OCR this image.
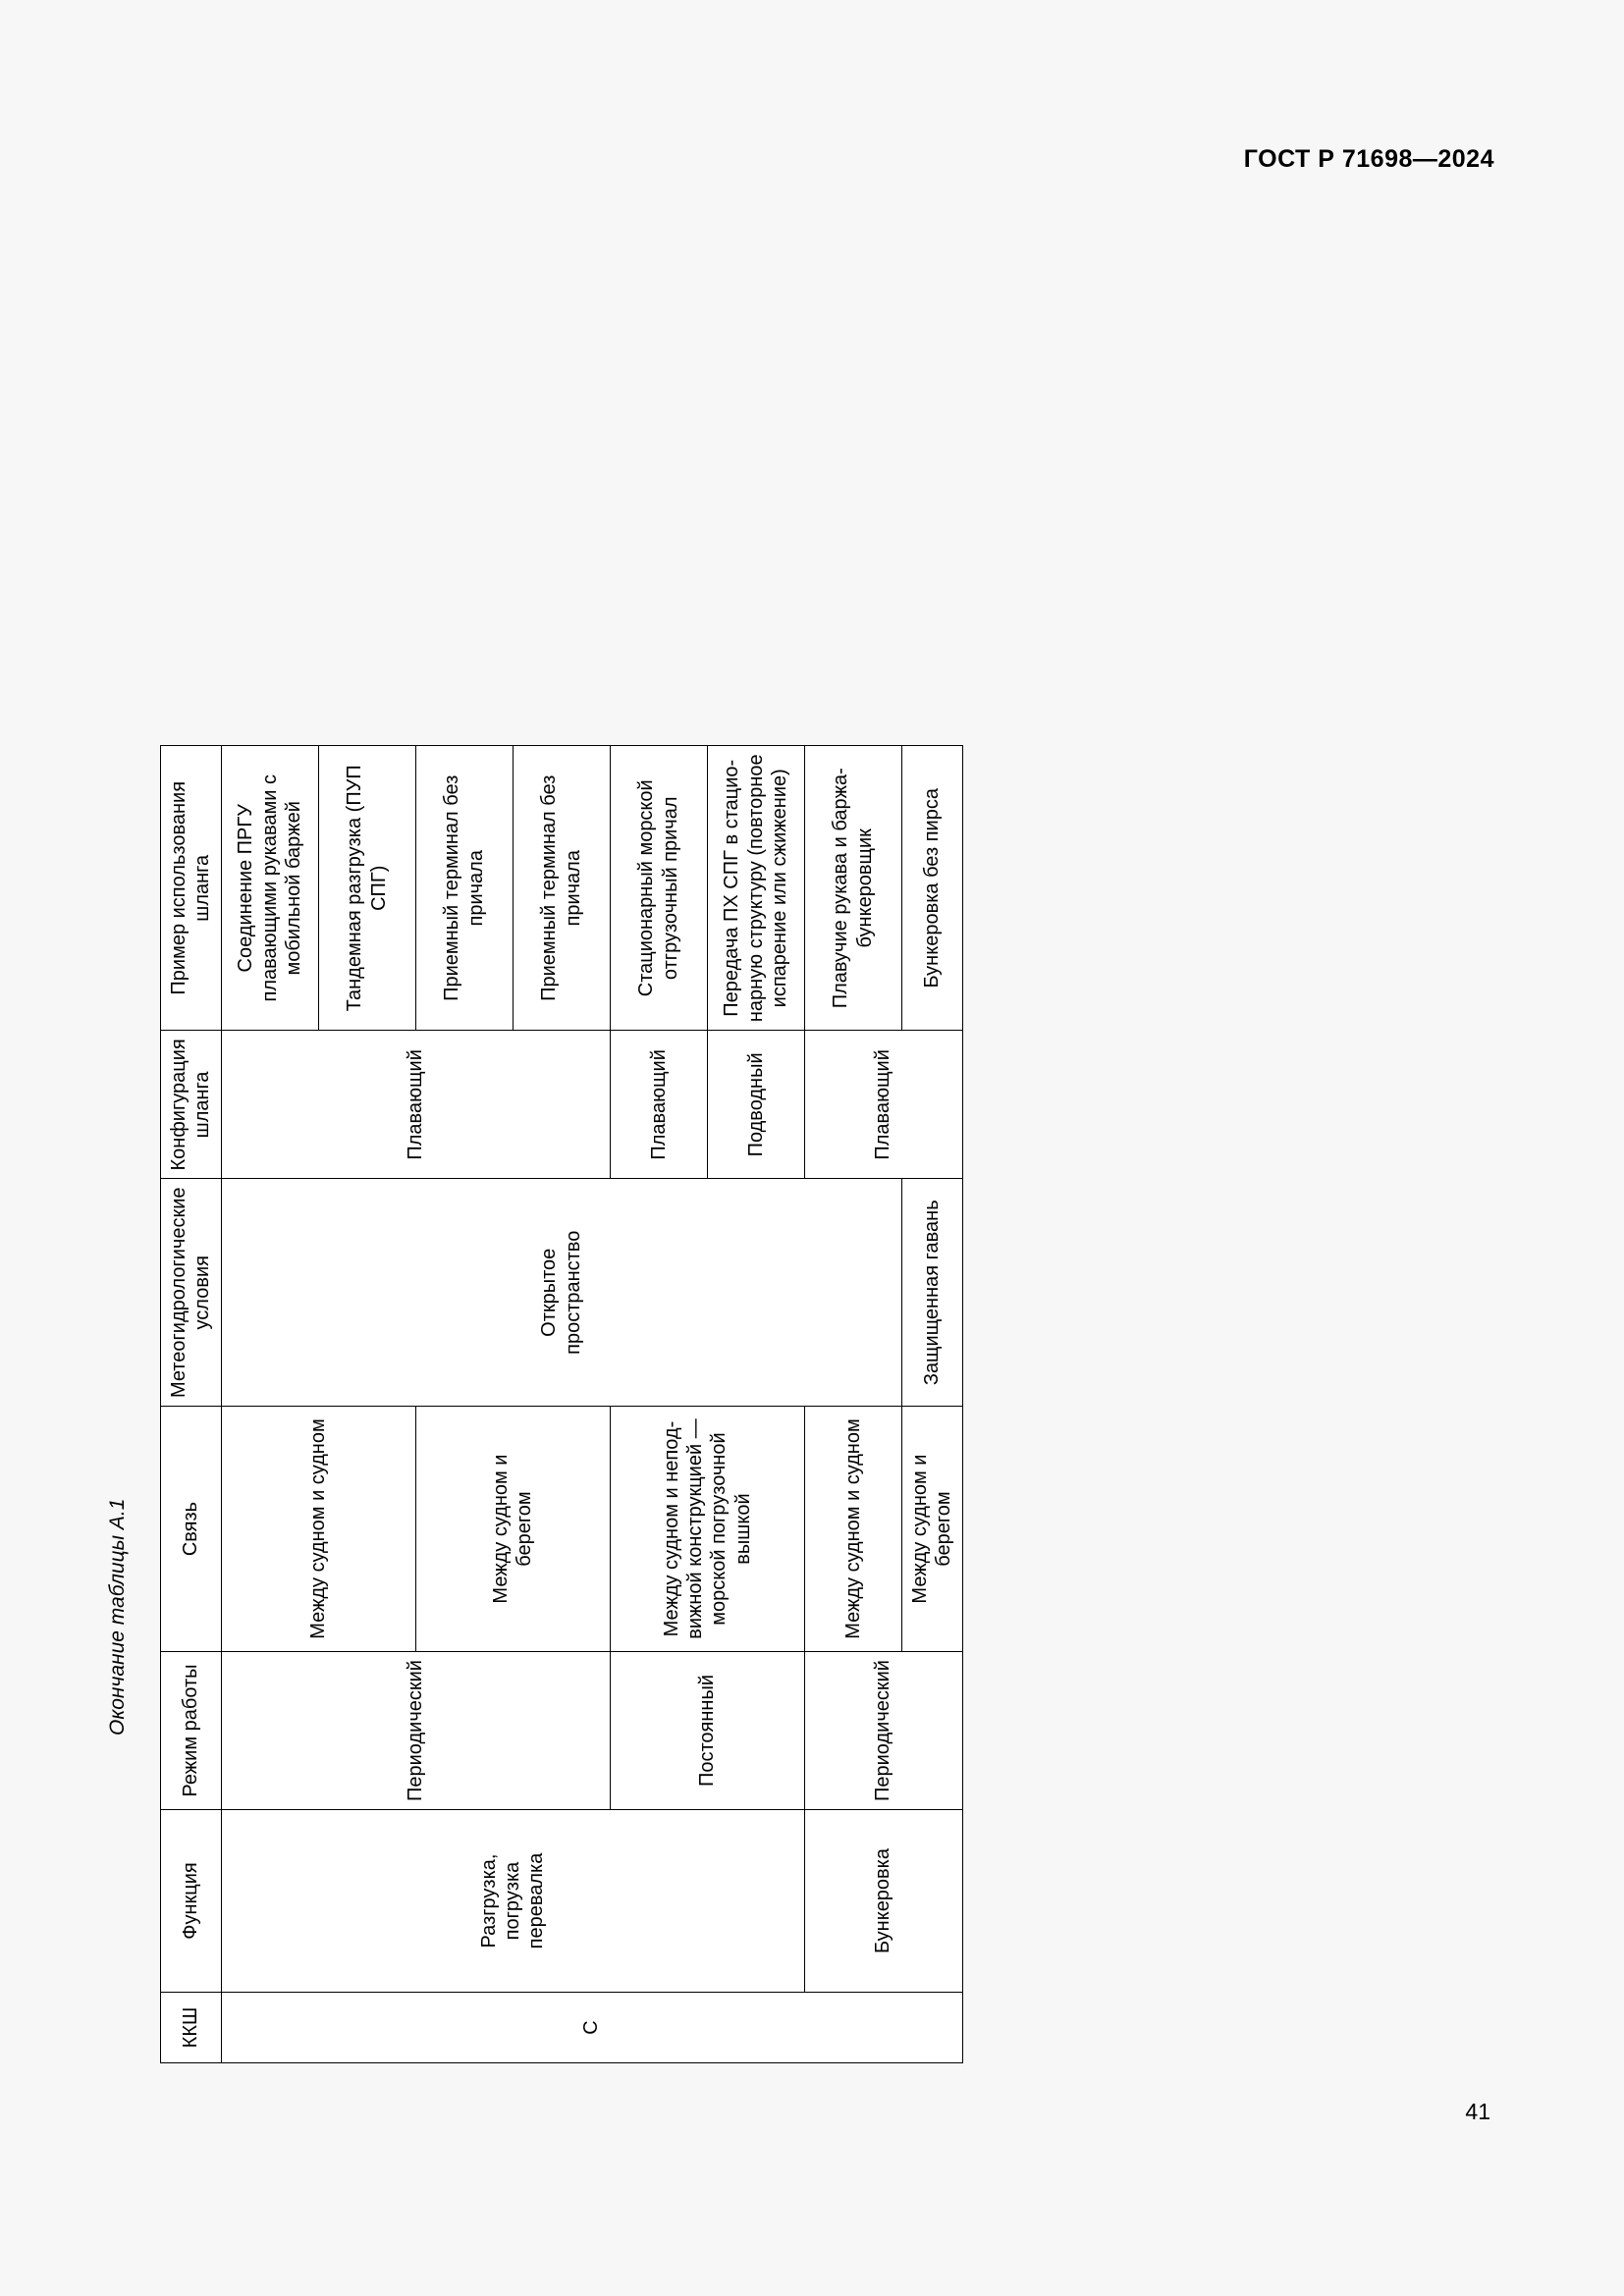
ГОСТ Р 71698—2024
Окончание таблицы А.1
ККШ	Функция	Режим работы	Связь	Метеогидрологические условия	Конфигурация шланга	Пример использования шланга
С	Разгрузка, погрузка перевалка	Периодический	Между судном и судном	Открытое пространство	Плавающий	Соединение ПРГУ плавающими рукавами с мобильной баржей
						Тандемная разгрузка (ПУП СПГ)
			Между судном и берегом			Приемный терминал без причала
						Приемный терминал без причала
		Постоянный	Между судном и непод-вижной конструкцией — морской погрузочной вышкой		Плавающий	Стационарный морской отгрузочный причал
					Подводный	Передача ПХ СПГ в стацио-нарную структуру (повторное испарение или сжижение)
	Бункеровка	Периодический	Между судном и судном		Плавающий	Плавучие рукава и баржа-бункеровщик
			Между судном и берегом	Защищенная гавань		Бункеровка без пирса
41
